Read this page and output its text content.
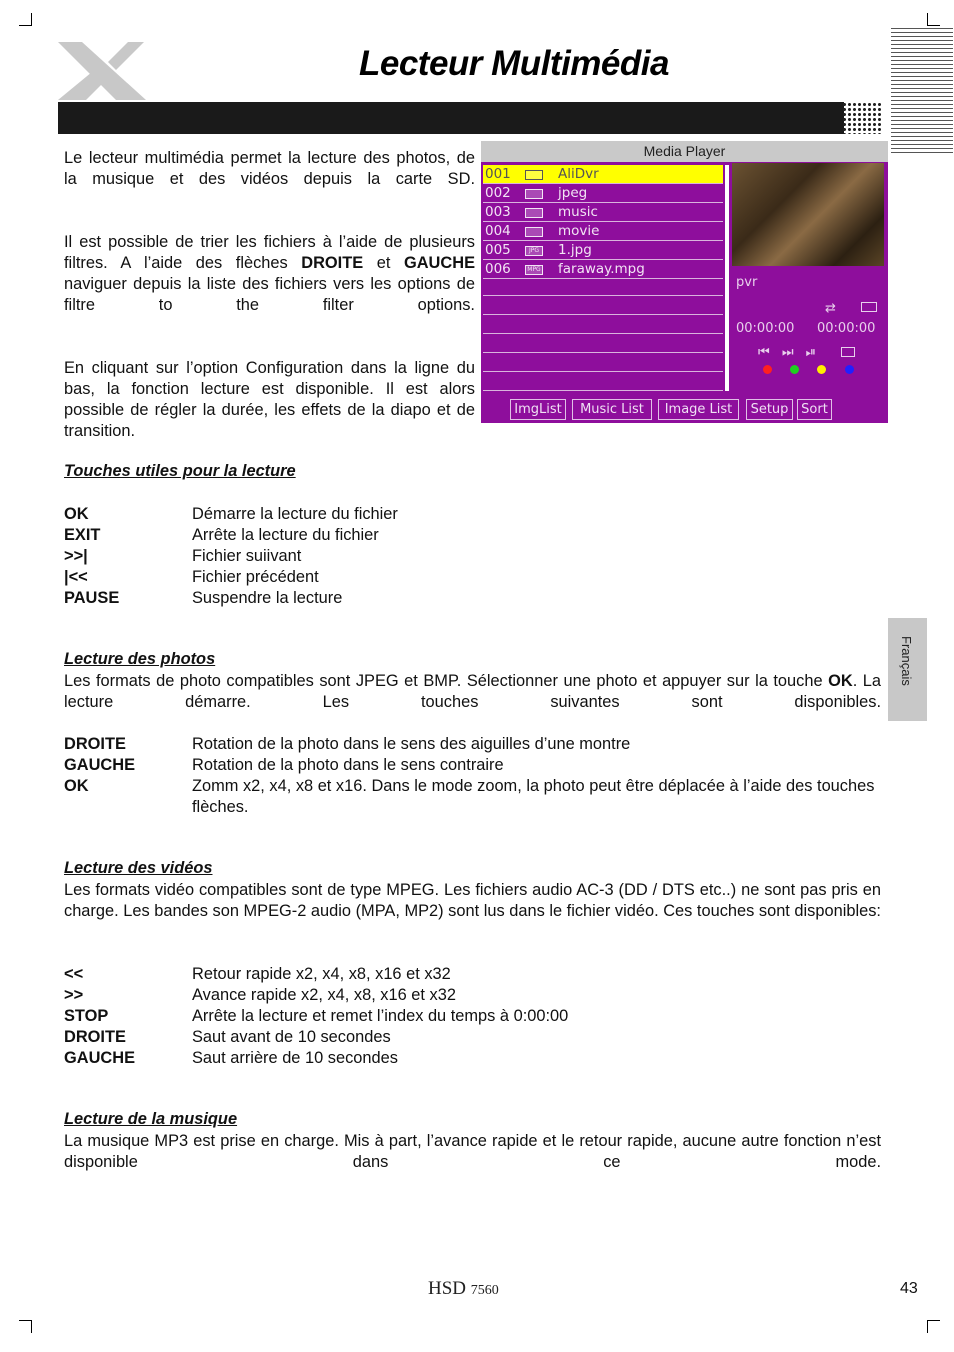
Lecteur Multimédia
Le lecteur multimédia permet la lecture des photos, de la musique et des vidéos depuis la carte SD.
Il est possible de trier les fichiers à l’aide de plusieurs filtres. A l’aide des flèches DROITE et GAUCHE naviguer depuis la liste des fichiers vers les options de filtre to the filter options.
En cliquant sur l’option Configuration dans la ligne du bas, la fonction lecture est disponible. Il est alors possible de régler la durée, les effets de la diapo et de transition.
Media Player
001	AliDvr
002	jpeg
003	music
004	movie
005	JPG 1.jpg
006	MPG faraway.mpg
pvr
⇄
00:00:00 00:00:00
⏮ ⏭ ⏯
ImgList	Music List	Image List	Setup Sort
Touches utiles pour la lecture
OK	Démarre la lecture du fichier
EXIT	Arrête la lecture du fichier
>>|	Fichier suiivant
|<<	Fichier précédent
PAUSE	Suspendre la lecture
Lecture des photos
Les formats de photo compatibles sont JPEG et BMP. Sélectionner une photo et appuyer sur la touche OK. La lecture démarre. Les touches suivantes sont disponibles.
DROITE	Rotation de la photo dans le sens des aiguilles d’une montre
GAUCHE	Rotation de la photo dans le sens contraire
OK	Zomm x2, x4, x8 et x16. Dans le mode zoom, la photo peut être déplacée à l’aide des touches flèches.
Lecture des vidéos
Les formats vidéo compatibles sont de type MPEG. Les fichiers audio AC-3 (DD / DTS etc..) ne sont pas pris en charge. Les bandes son MPEG-2 audio (MPA, MP2) sont lus dans le fichier vidéo. Ces touches sont disponibles:
<<	Retour rapide x2, x4, x8, x16 et x32
>>	Avance rapide x2, x4, x8, x16 et x32
STOP	Arrête la lecture et remet l’index du temps à 0:00:00
DROITE	Saut avant de 10 secondes
GAUCHE	Saut arrière de 10 secondes
Lecture de la musique
La musique MP3 est prise en charge. Mis à part, l’avance rapide et le retour rapide, aucune autre fonction n’est disponible dans ce mode.
Français
HSD 7560	43
